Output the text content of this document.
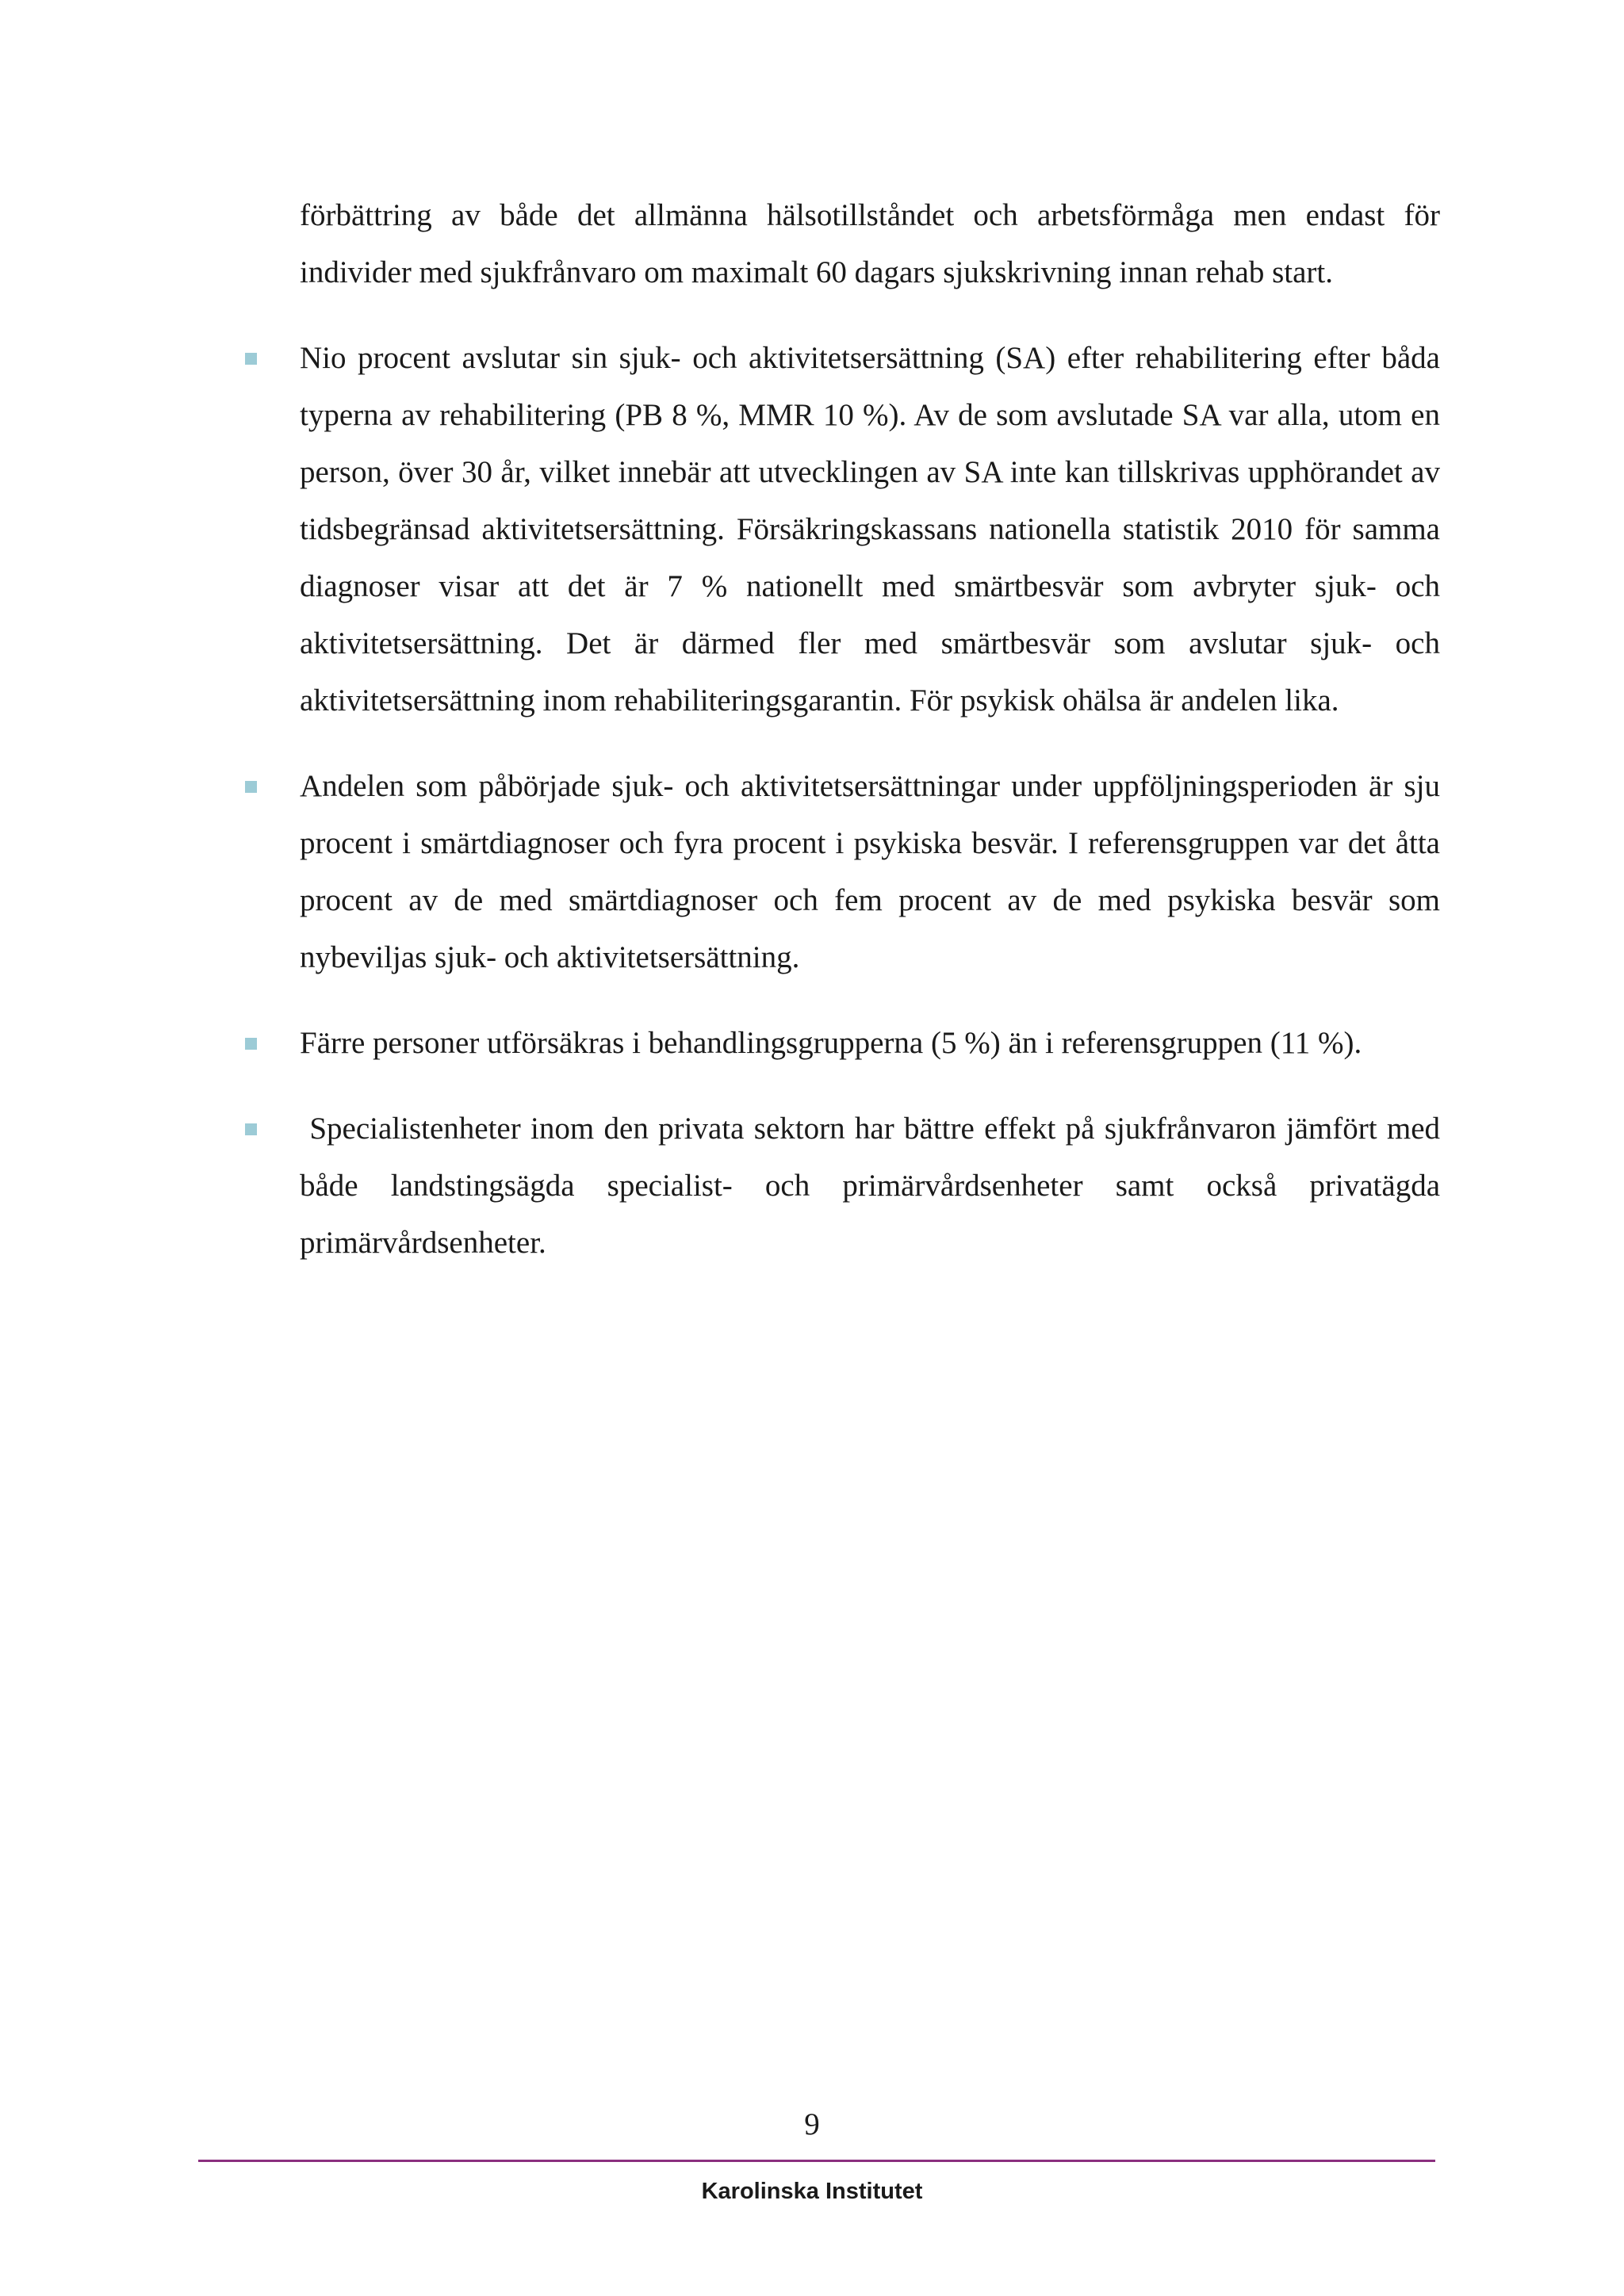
förbättring av både det allmänna hälsotillståndet och arbetsförmåga men endast för individer med sjukfrånvaro om maximalt 60 dagars sjukskrivning innan rehab start.

Nio procent avslutar sin sjuk- och aktivitetsersättning (SA) efter rehabilitering efter båda typerna av rehabilitering (PB 8 %, MMR 10 %). Av de som avslutade SA var alla, utom en person, över 30 år, vilket innebär att utvecklingen av SA inte kan tillskrivas upphörandet av tidsbegränsad aktivitetsersättning. Försäkringskassans nationella statistik 2010 för samma diagnoser visar att det är 7 % nationellt med smärtbesvär som avbryter sjuk- och aktivitetsersättning. Det är därmed fler med smärtbesvär som avslutar sjuk- och aktivitetsersättning inom rehabiliteringsgarantin. För psykisk ohälsa är andelen lika.

Andelen som påbörjade sjuk- och aktivitetsersättningar under uppföljningsperioden är sju procent i smärtdiagnoser och fyra procent i psykiska besvär. I referensgruppen var det åtta procent av de med smärtdiagnoser och fem procent av de med psykiska besvär som nybeviljas sjuk- och aktivitetsersättning.

Färre personer utförsäkras i behandlingsgrupperna (5 %) än i referensgruppen (11 %).

Specialistenheter inom den privata sektorn har bättre effekt på sjukfrånvaron jämfört med både landstingsägda specialist- och primärvårdsenheter samt också privatägda primärvårdsenheter.

9
Karolinska Institutet
